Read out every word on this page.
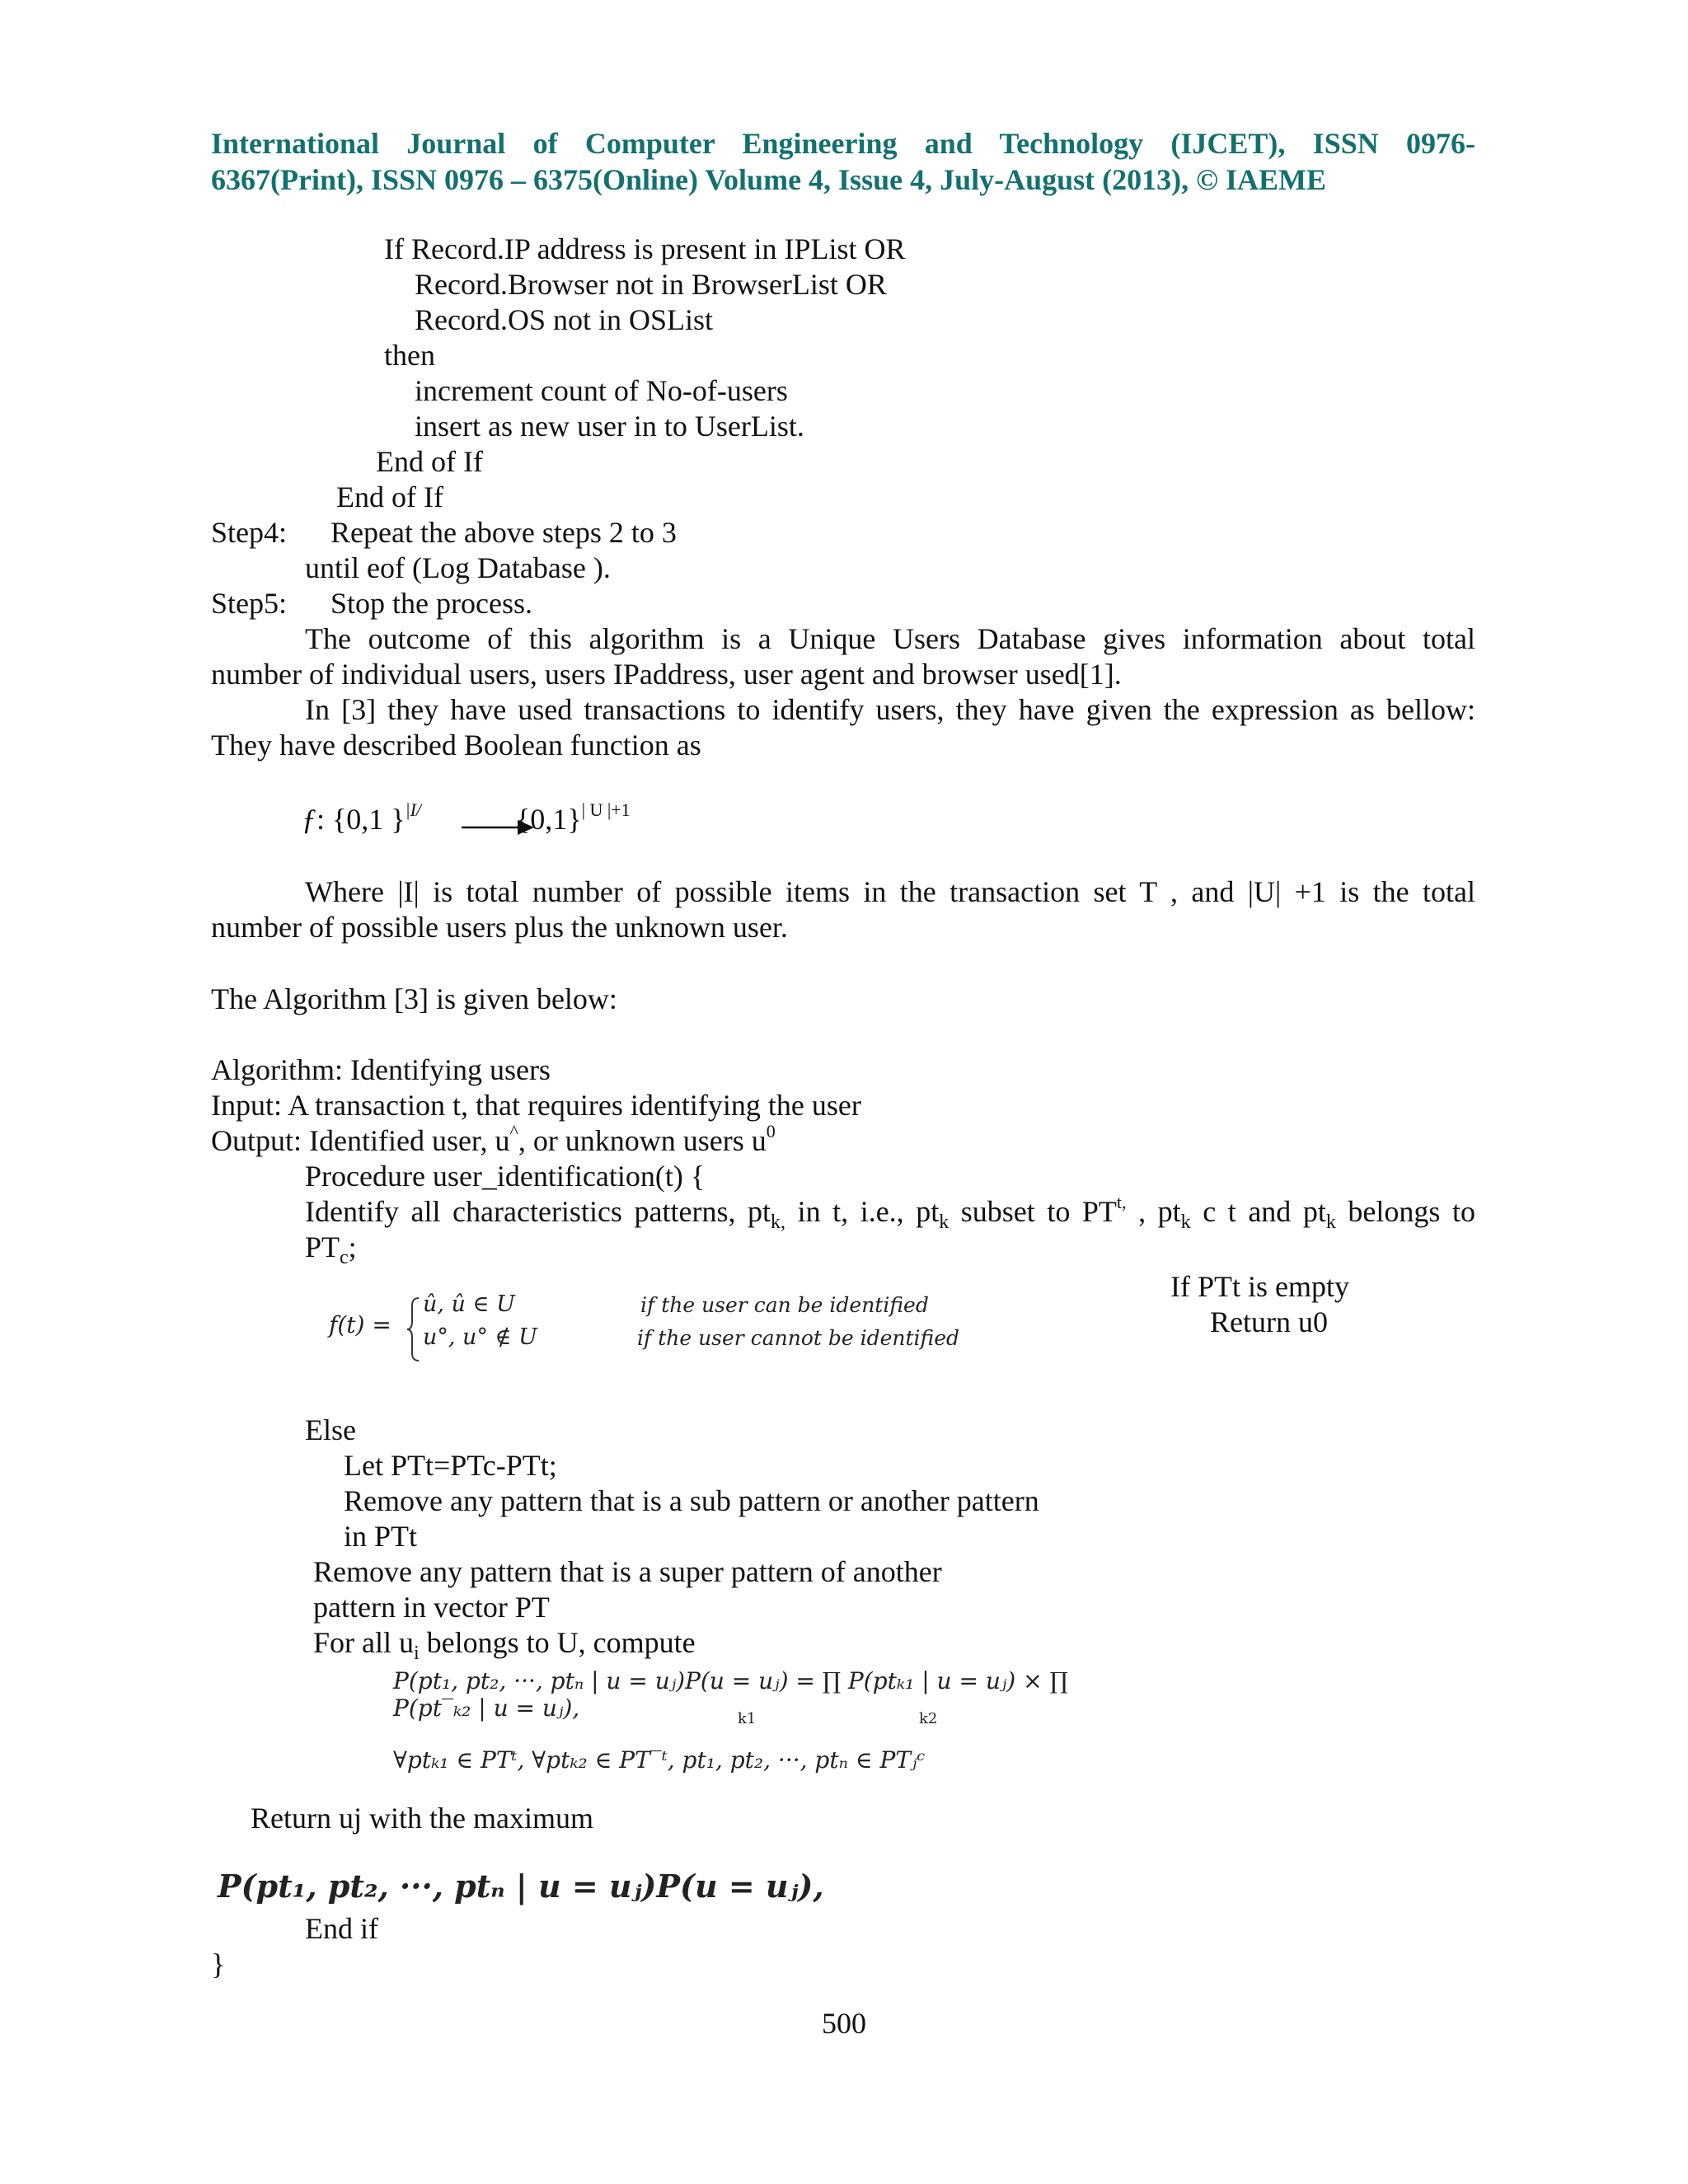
International Journal of Computer Engineering and Technology (IJCET), ISSN 0976-
6367(Print), ISSN 0976 – 6375(Online) Volume 4, Issue 4, July-August (2013), © IAEME
If Record.IP address is present in IPList OR
Record.Browser not in BrowserList OR
Record.OS not in OSList
then
increment count of No-of-users
insert as new user in to UserList.
End of If
End of If
Step4: Repeat the above steps 2 to 3
until eof (Log Database ).
Step5: Stop the process.
The outcome of this algorithm is a Unique Users Database gives information about total
number of individual users, users IPaddress, user agent and browser used[1].
In [3] they have used transactions to identify users, they have given the expression as bellow:
They have described Boolean function as
ƒ: {0,1 }$^{|I/}$	$\{0,1\}^{| U |+1}$
Where |I| is total number of possible items in the transaction set T , and |U| +1 is the total
number of possible users plus the unknown user.
The Algorithm [3] is given below:
Algorithm: Identifying users
Input: A transaction t, that requires identifying the user
Output: Identified user, u^, or unknown users $u^0$
Procedure user_identification(t) {
Identify all characteristics patterns, $pt_{k,}$ in t, i.e., $pt_k$ subset to $PT^{t,}$ , $pt_k$ c t and $pt_k$ belongs to
$PT_c$;
f(t) =
û, û ∈ U
u°, u° ∉ U
if the user can be identified
if the user cannot be identified
If PTt is empty
Return u0
Else
Let PTt=PTc-PTt;
Remove any pattern that is a sub pattern or another pattern
in PTt
Remove any pattern that is a super pattern of another
pattern in vector PT
For all $u_i$ belongs to U, compute
P(pt₁, pt₂, ···, ptₙ | u = uⱼ)P(u = uⱼ) = ∏ P(ptₖ₁ | u = uⱼ) × ∏ P(pt‾ₖ₂ | u = uⱼ),	k1	k2
∀ptₖ₁ ∈ PTᵗ, ∀ptₖ₂ ∈ PT‾ᵗ, pt₁, pt₂, ···, ptₙ ∈ PTⱼᶜ
Return uj with the maximum
P(pt₁, pt₂, ···, ptₙ | u = uⱼ)P(u = uⱼ),
End if
}
500
